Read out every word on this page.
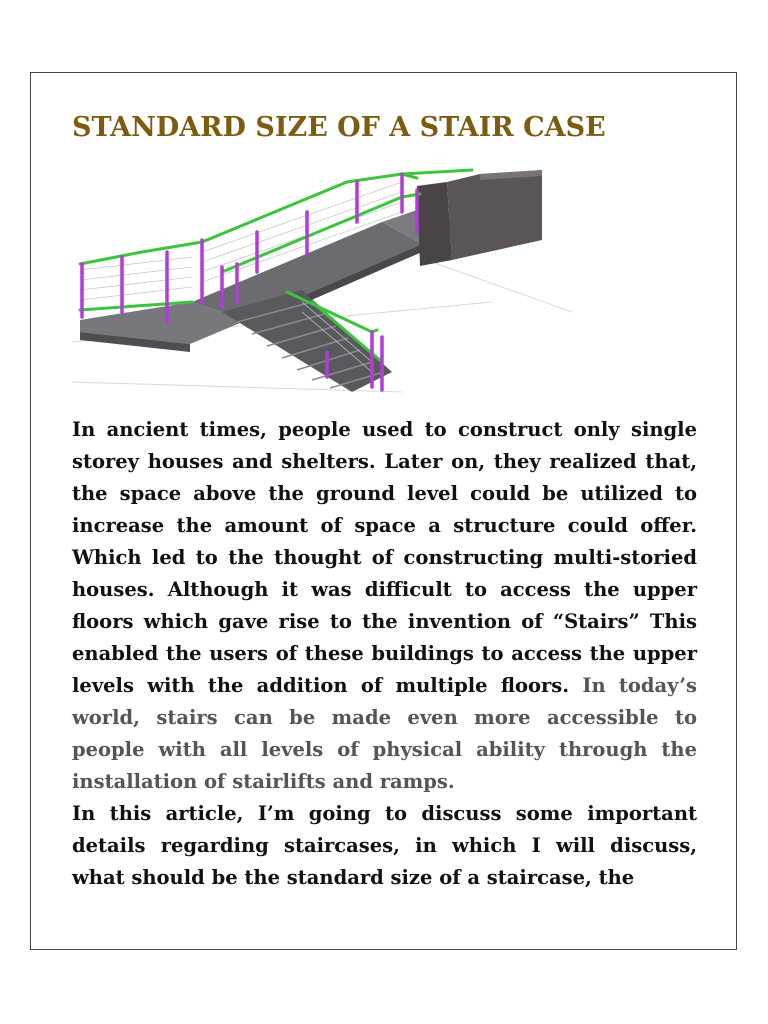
STANDARD SIZE OF A STAIR CASE

In ancient times, people used to construct only single storey houses and shelters. Later on, they realized that, the space above the ground level could be utilized to increase the amount of space a structure could offer. Which led to the thought of constructing multi-storied houses. Although it was difficult to access the upper floors which gave rise to the invention of “Stairs” This enabled the users of these buildings to access the upper levels with the addition of multiple floors. In today’s world, stairs can be made even more accessible to people with all levels of physical ability through the installation of stairlifts and ramps.

In this article, I’m going to discuss some important details regarding staircases, in which I will discuss, what should be the standard size of a staircase, the
